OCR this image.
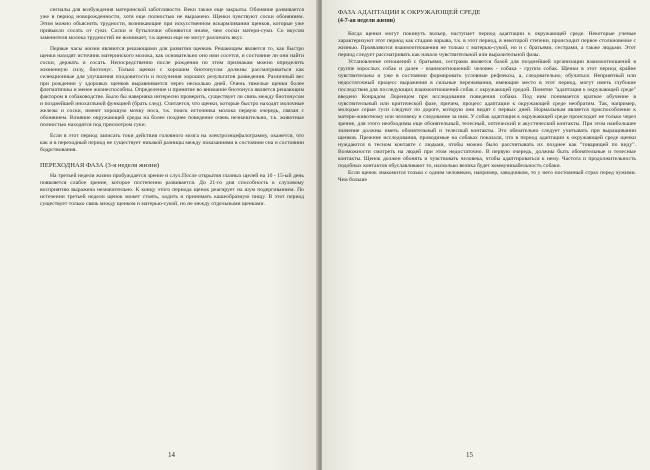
сигналы для возбуждения материнской заботливости. Веки также еще закрыты. Обоняние развивается уже в период новорожденности, хотя еще полностью не выражено. Щенки чувствуют соски обонянием. Этим можно объяснить трудности, возникающие при искусственном вскармливании щенков, которые уже привыкли сосать от суки. Соски и бутылочки обоняются иначе, чем соски матери-суки. Со вкусом заменителя молока трудностей не возникает, т.к щенки еще не могут различать вкус.

Первые часы жизни являются решающими для развития щенков. Решающим является то, как быстро щенки находят источник материнского молока, как основательно оно ими сосется, и состояние ли они найти соски, держать и сосать. Непосредственно после рождения по этим признакам можно определить жизненную силу, биотонус. Только щенки с хорошим биотонусом должны рассматриваться как селекционные для улучшения плодовитости и получения хороших результатов разведения. Различный вес при рождении у здоровых щенков выравнивается через несколько дней. Очень тяжелые щенки более флегматичны и менее жизнеспособны. Определение и принятие во внимание биотонуса является решающим фактором в собаководстве. Было бы наверняка интересно проверить, существует ли связь между биотонусом и позднейшей инохатльной функцией (брать след). Считается, что щенки, которые быстро находят молочные железы и соски, имеют хорошую мочку носа, т.к. поиск источника молока первую очередь, связан с обонянием. Влияние окружающей среды на более позднее поведение очень незначительно, т.к. животные полностью находятся под присмотром суки.

Если в этот период записать токи действия головного мозга на электроэнцефалограмму, окажется, что как и в переходный период не существует никакой разницы между показаниями в состоянии сна и состоянии бодрствования.

ПЕРЕХОДНАЯ ФАЗА (3-я неделя жизни)

На третьей недели жизни пробуждается зрение и слух.После открытия глазных щелей на 10 - 15-ый день появляется слабое зрение, которое постепенно развивается. До 21-го дня способность к слуховому восприятию выражена незначительно. К концу этого периода щенок реагирует на шум подергиванием. По истечении третьей недели щенок может стоять, ходить и принимать кашеобразную пищу. В этот период существует только связь между щенком и матерью-сукой, но не между отдельными щенками.

14
ФАЗА АДАПТАЦИИ К ОКРУЖАЮЩЕЙ СРЕДЕ
(4-7-ая недели жизни)

Когда щенки могут покинуть вольер, наступает период адаптации к окружающей среде. Некоторые ученые характеризуют этот период как стадию взрыва, т.к. в этот период, в некоторой степени, происходит первое столкновение с жизнью. Проявляются взаимоотношения не только с матерью-сукой, но и с братьями, сестрами, а также людьми. Этот период следует рассматривать как начало чувствительной или выразительной фазы.

Установление отношений с братьями, сестрами является базой для позднейшей организации взаимоотношений в группе взрослых собак и далее - взаимоотношений: человек - собака - группа собак. Щенки в этот период крайне чувствительны и уже в состоянии формировать условные рефлексы, а, следовательно, обучаться. Неприятный или недостаточный процесс выражения в сильные переживания, имеющие место в этот период, могут иметь глубокие последствия для последующих взаимоотношений собак с окружающей средой. Понятие "адаптация к окружающей среде" введено Конрадом Лоренцом при исследовании поведения собаки. Под ним понимается краткое обучение в чувствительный или критической фазе, причем, процесс адаптации к окружающей среде необратим. Так, например, молодые серые гуси следуют по дороге, которую они видят с первых дней. Нормальным является приспособление к матери-животному или человеку и следование за ним. У собак адаптация к окружающей среде происходит не только через зрение, для этого необходимы еще обонятельный, телесный, оптический и акустический контакты. При этом наибольшее значение должны иметь обонятельный и телесный контакты. Это обязательно следует учитывать при выращивании щенков. Прежние исследования, проводимые на собаках показали, что в период адаптации к окружающей среде щенки нуждаются в тесном контакте с людьми, чтобы можно было рассчитывать их позднее как "товарищей по виду". Возможности смотреть на людей при этом недостаточно. В первую очередь, должны быть обонятельные и телесные контакты. Щенок должен обонять и чувствовать человека, чтобы адаптироваться к нему. Частота и продолжительность подобных контактов обуславливают то, насколько велика будет коммуникабельность собаки.

Если щенок знакомится только с одним человеком, например, заводчиком, то у него постоянный страх перед чужими. Чем больше

15
